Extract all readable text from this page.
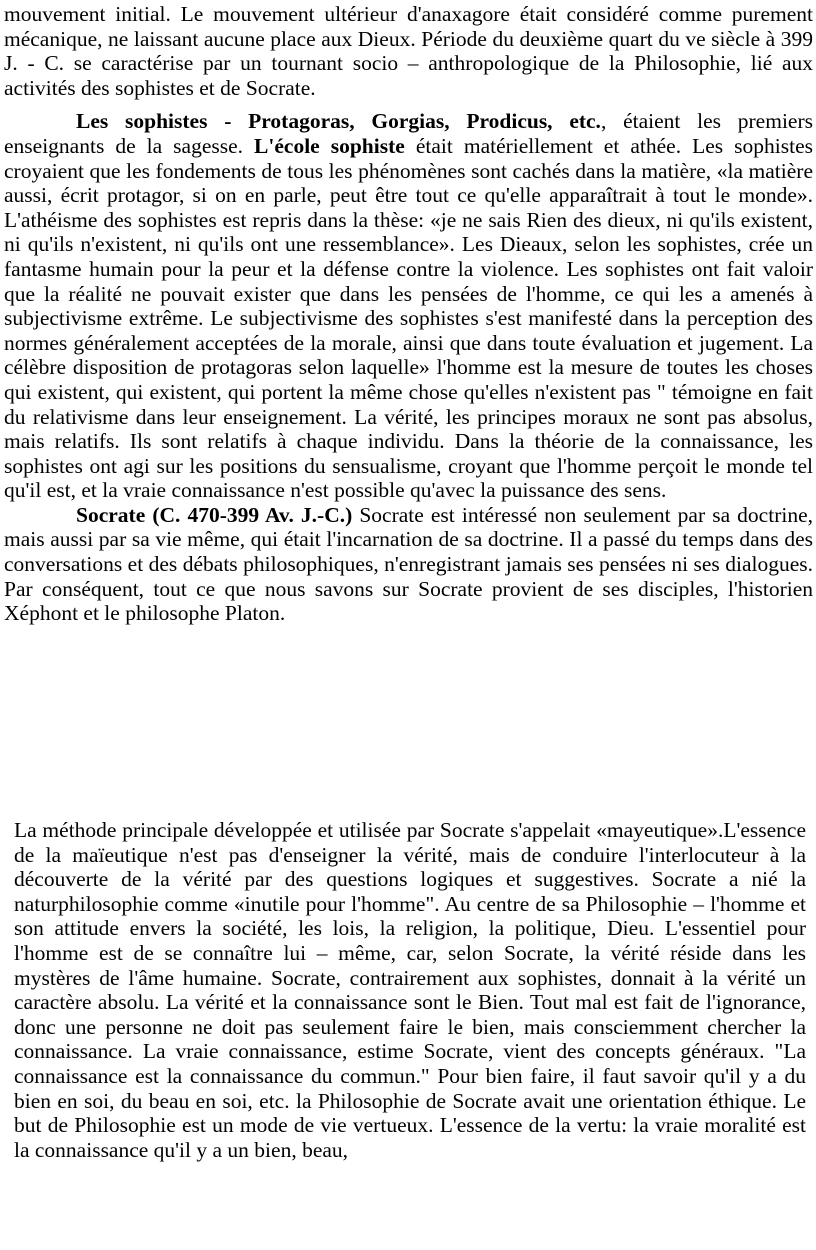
mouvement initial. Le mouvement ultérieur d'anaxagore était considéré comme purement mécanique, ne laissant aucune place aux Dieux. Période du deuxième quart du ve siècle à 399 J. - C. se caractérise par un tournant socio – anthropologique de la Philosophie, lié aux activités des sophistes et de Socrate.

Les sophistes - Protagoras, Gorgias, Prodicus, etc., étaient les premiers enseignants de la sagesse. L'école sophiste était matériellement et athée. Les sophistes croyaient que les fondements de tous les phénomènes sont cachés dans la matière, «la matière aussi, écrit protagor, si on en parle, peut être tout ce qu'elle apparaîtrait à tout le monde». L'athéisme des sophistes est repris dans la thèse: «je ne sais Rien des dieux, ni qu'ils existent, ni qu'ils n'existent, ni qu'ils ont une ressemblance». Les Dieaux, selon les sophistes, crée un fantasme humain pour la peur et la défense contre la violence. Les sophistes ont fait valoir que la réalité ne pouvait exister que dans les pensées de l'homme, ce qui les a amenés à subjectivisme extrême. Le subjectivisme des sophistes s'est manifesté dans la perception des normes généralement acceptées de la morale, ainsi que dans toute évaluation et jugement. La célèbre disposition de protagoras selon laquelle» l'homme est la mesure de toutes les choses qui existent, qui existent, qui portent la même chose qu'elles n'existent pas " témoigne en fait du relativisme dans leur enseignement. La vérité, les principes moraux ne sont pas absolus, mais relatifs. Ils sont relatifs à chaque individu. Dans la théorie de la connaissance, les sophistes ont agi sur les positions du sensualisme, croyant que l'homme perçoit le monde tel qu'il est, et la vraie connaissance n'est possible qu'avec la puissance des sens.

Socrate (C. 470-399 Av. J.-C.) Socrate est intéressé non seulement par sa doctrine, mais aussi par sa vie même, qui était l'incarnation de sa doctrine. Il a passé du temps dans des conversations et des débats philosophiques, n'enregistrant jamais ses pensées ni ses dialogues. Par conséquent, tout ce que nous savons sur Socrate provient de ses disciples, l'historien Xéphont et le philosophe Platon.

La méthode principale développée et utilisée par Socrate s'appelait «mayeutique».L'essence de la maïeutique n'est pas d'enseigner la vérité, mais de conduire l'interlocuteur à la découverte de la vérité par des questions logiques et suggestives. Socrate a nié la naturphilosophie comme «inutile pour l'homme". Au centre de sa Philosophie – l'homme et son attitude envers la société, les lois, la religion, la politique, Dieu. L'essentiel pour l'homme est de se connaître lui – même, car, selon Socrate, la vérité réside dans les mystères de l'âme humaine. Socrate, contrairement aux sophistes, donnait à la vérité un caractère absolu. La vérité et la connaissance sont le Bien. Tout mal est fait de l'ignorance, donc une personne ne doit pas seulement faire le bien, mais consciemment chercher la connaissance. La vraie connaissance, estime Socrate, vient des concepts généraux. "La connaissance est la connaissance du commun." Pour bien faire, il faut savoir qu'il y a du bien en soi, du beau en soi, etc. la Philosophie de Socrate avait une orientation éthique. Le but de Philosophie est un mode de vie vertueux. L'essence de la vertu: la vraie moralité est la connaissance qu'il y a un bien, beau,
